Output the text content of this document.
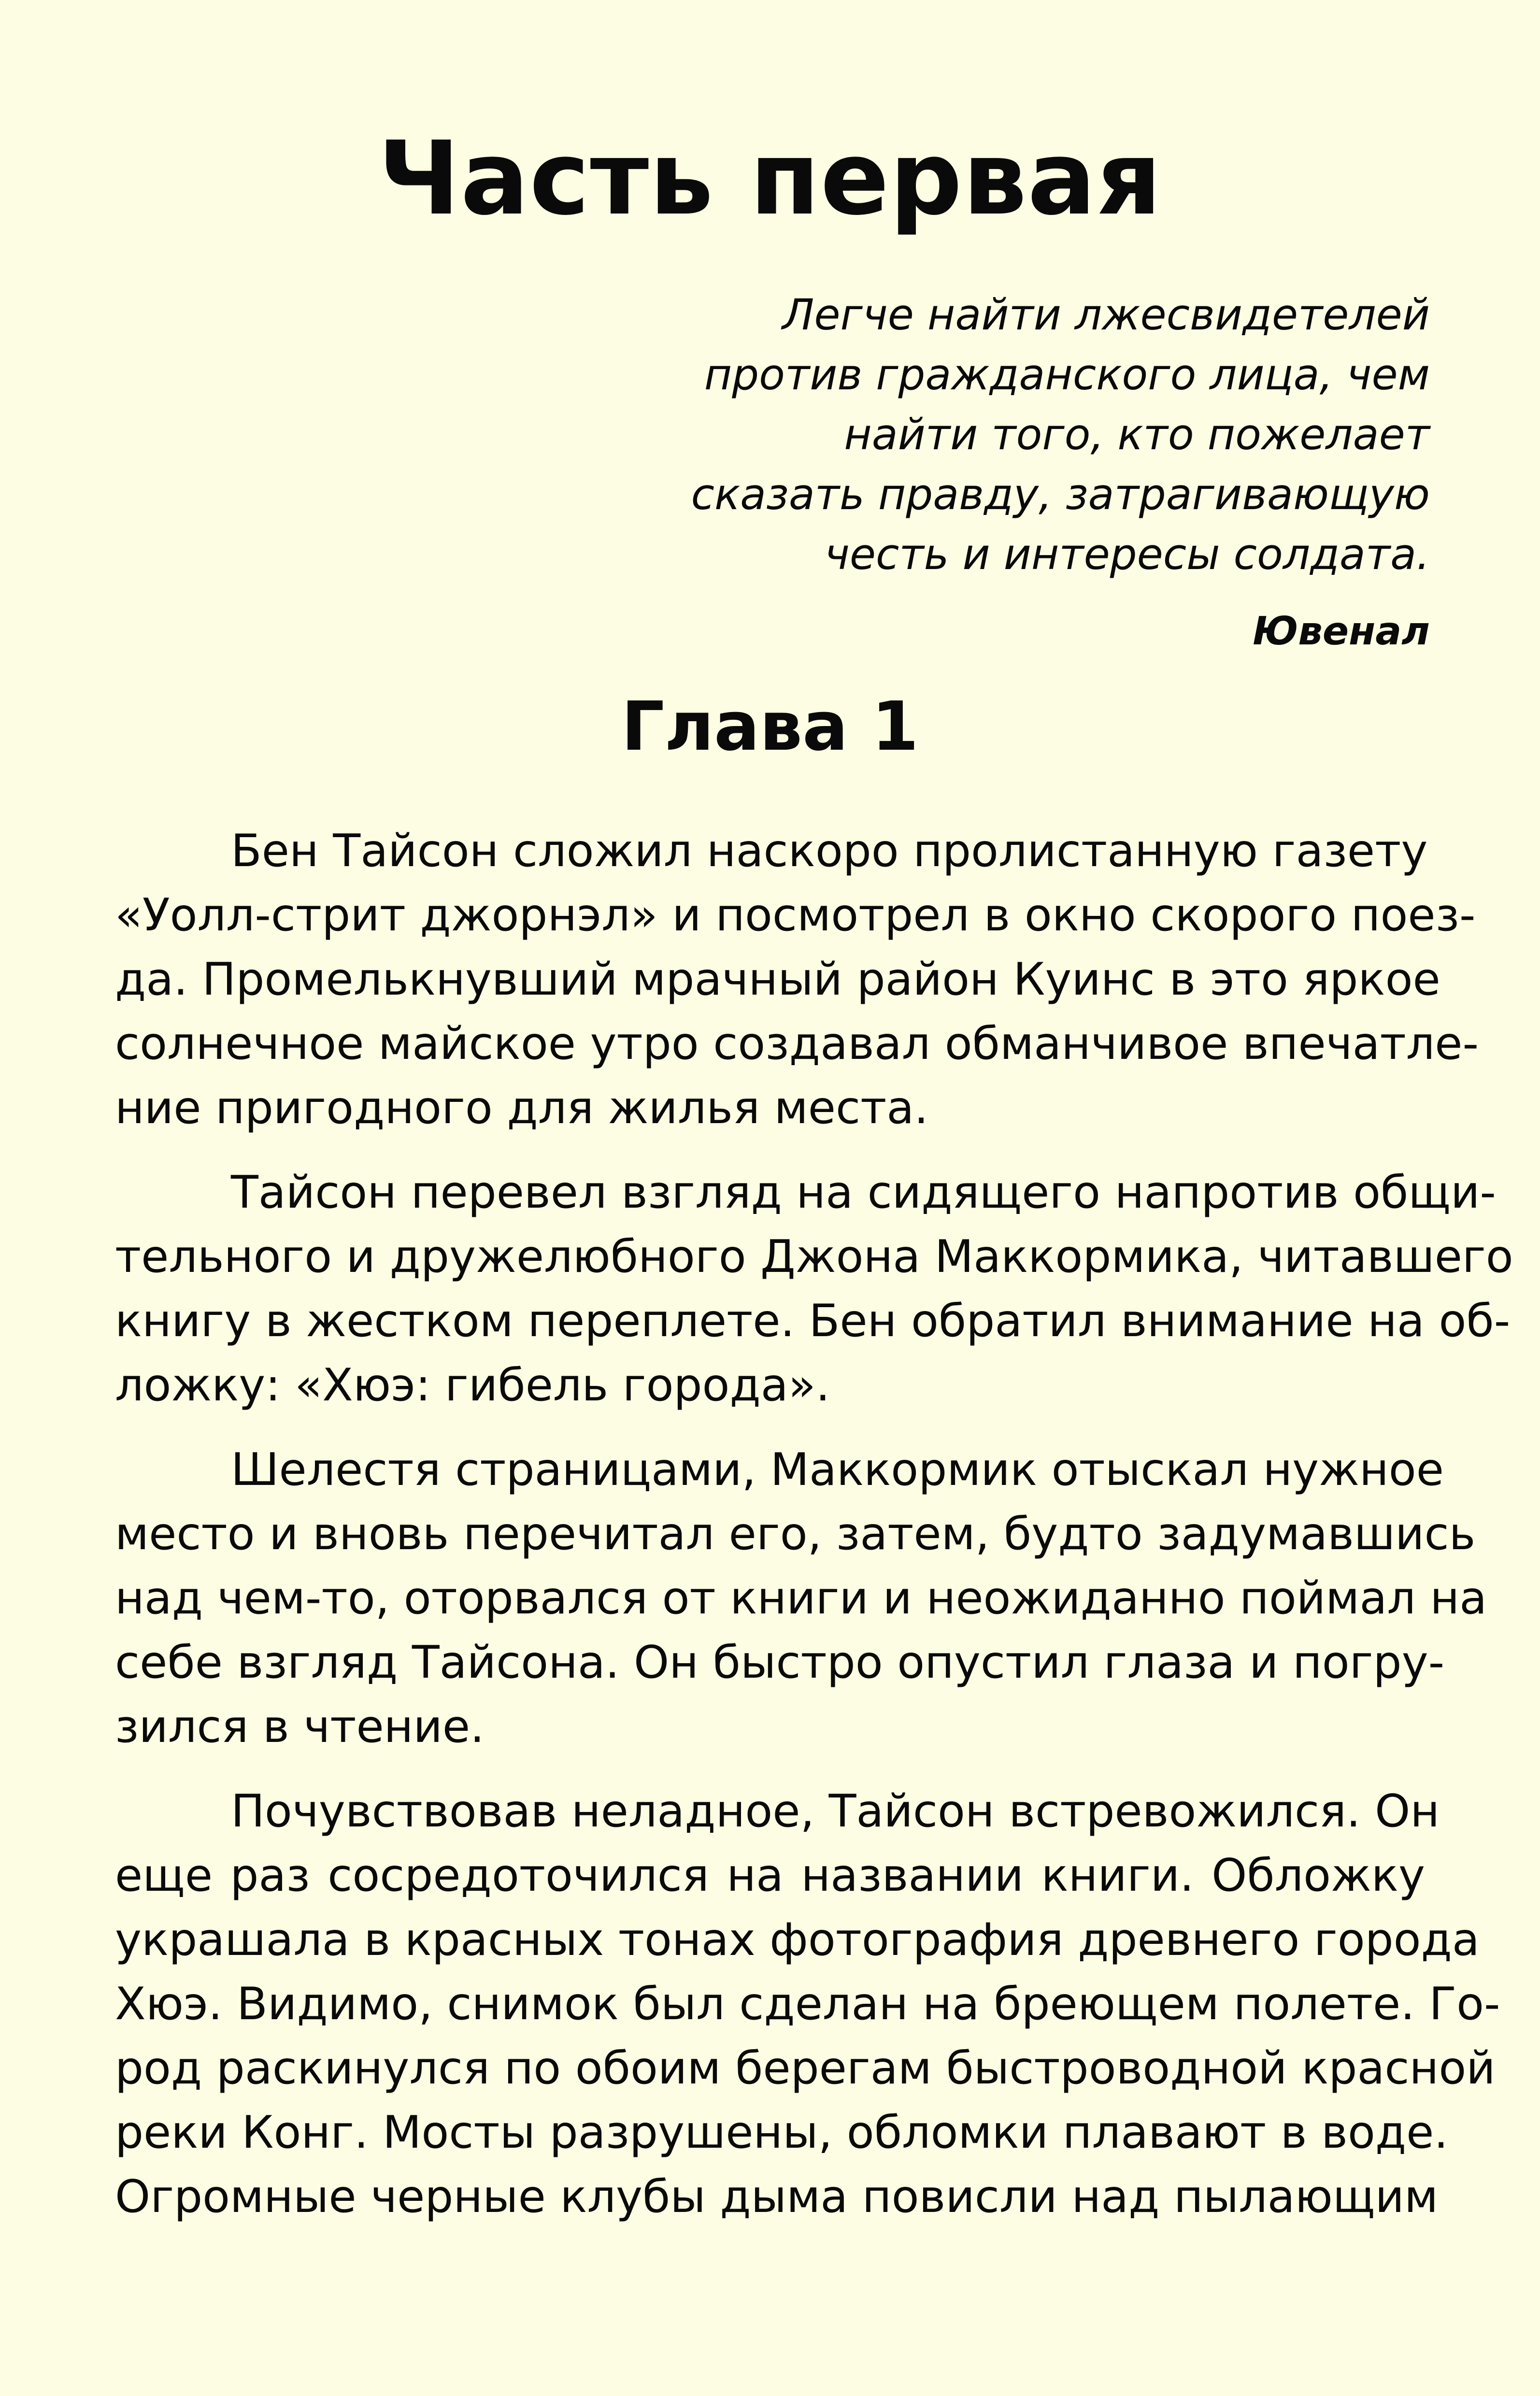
Часть первая
Легче найти лжесвидетелей
против гражданского лица, чем
найти того, кто пожелает
сказать правду, затрагивающую
честь и интересы солдата.
Ювенал
Глава 1
Бен Тайсон сложил наскоро пролистанную газету
«Уолл-стрит джорнэл» и посмотрел в окно скорого поез-
да. Промелькнувший мрачный район Куинс в это яркое
солнечное майское утро создавал обманчивое впечатле-
ние пригодного для жилья места.
Тайсон перевел взгляд на сидящего напротив общи-
тельного и дружелюбного Джона Маккормика, читавшего
книгу в жестком переплете. Бен обратил внимание на об-
ложку: «Хюэ: гибель города».
Шелестя страницами, Маккормик отыскал нужное
место и вновь перечитал его, затем, будто задумавшись
над чем-то, оторвался от книги и неожиданно поймал на
себе взгляд Тайсона. Он быстро опустил глаза и погру-
зился в чтение.
Почувствовав неладное, Тайсон встревожился. Он
еще раз сосредоточился на названии книги. Обложку
украшала в красных тонах фотография древнего города
Хюэ. Видимо, снимок был сделан на бреющем полете. Го-
род раскинулся по обоим берегам быстроводной красной
реки Конг. Мосты разрушены, обломки плавают в воде.
Огромные черные клубы дыма повисли над пылающим
